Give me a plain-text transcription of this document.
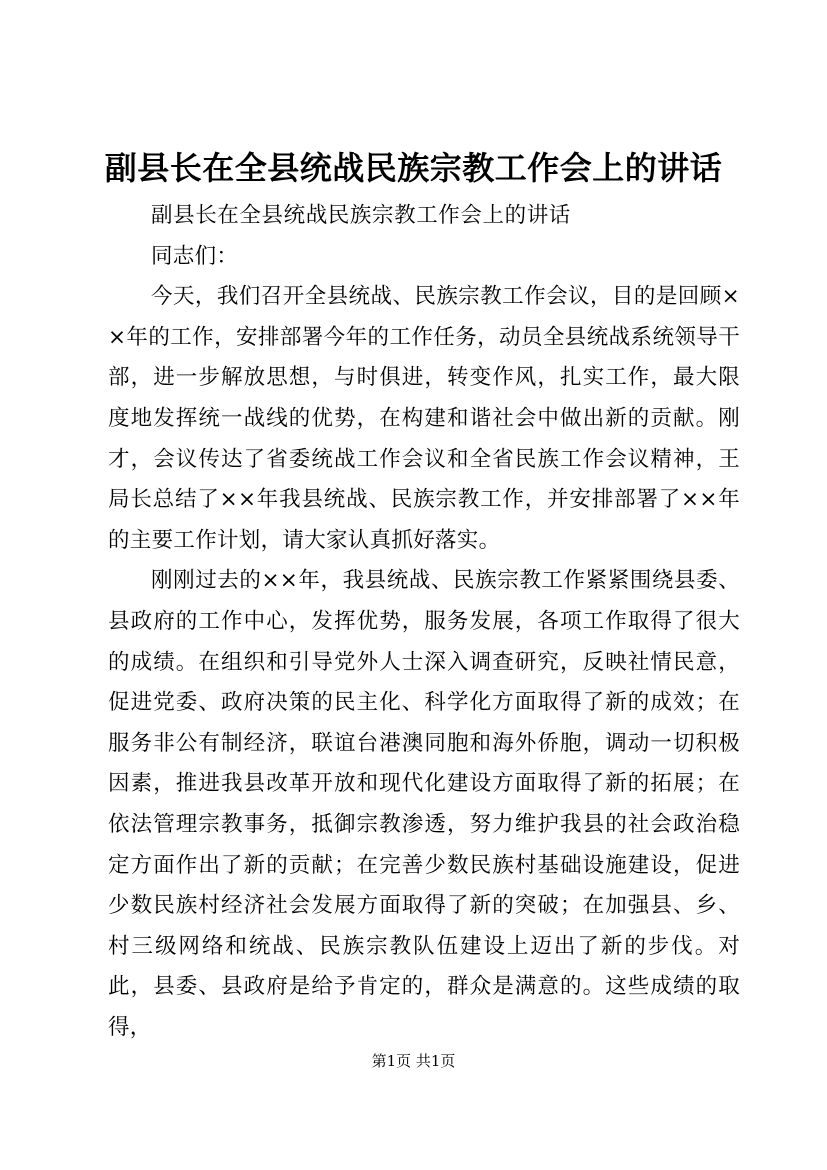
副县长在全县统战民族宗教工作会上的讲话

副县长在全县统战民族宗教工作会上的讲话

同志们：

今天，我们召开全县统战、民族宗教工作会议，目的是回顾××年的工作，安排部署今年的工作任务，动员全县统战系统领导干部，进一步解放思想，与时俱进，转变作风，扎实工作，最大限度地发挥统一战线的优势，在构建和谐社会中做出新的贡献。刚才，会议传达了省委统战工作会议和全省民族工作会议精神，王局长总结了××年我县统战、民族宗教工作，并安排部署了××年的主要工作计划，请大家认真抓好落实。

刚刚过去的××年，我县统战、民族宗教工作紧紧围绕县委、县政府的工作中心，发挥优势，服务发展，各项工作取得了很大的成绩。在组织和引导党外人士深入调查研究，反映社情民意，促进党委、政府决策的民主化、科学化方面取得了新的成效；在服务非公有制经济，联谊台港澳同胞和海外侨胞，调动一切积极因素，推进我县改革开放和现代化建设方面取得了新的拓展；在依法管理宗教事务，抵御宗教渗透，努力维护我县的社会政治稳定方面作出了新的贡献；在完善少数民族村基础设施建设，促进少数民族村经济社会发展方面取得了新的突破；在加强县、乡、村三级网络和统战、民族宗教队伍建设上迈出了新的步伐。对此，县委、县政府是给予肯定的，群众是满意的。这些成绩的取得，

第1页 共1页
